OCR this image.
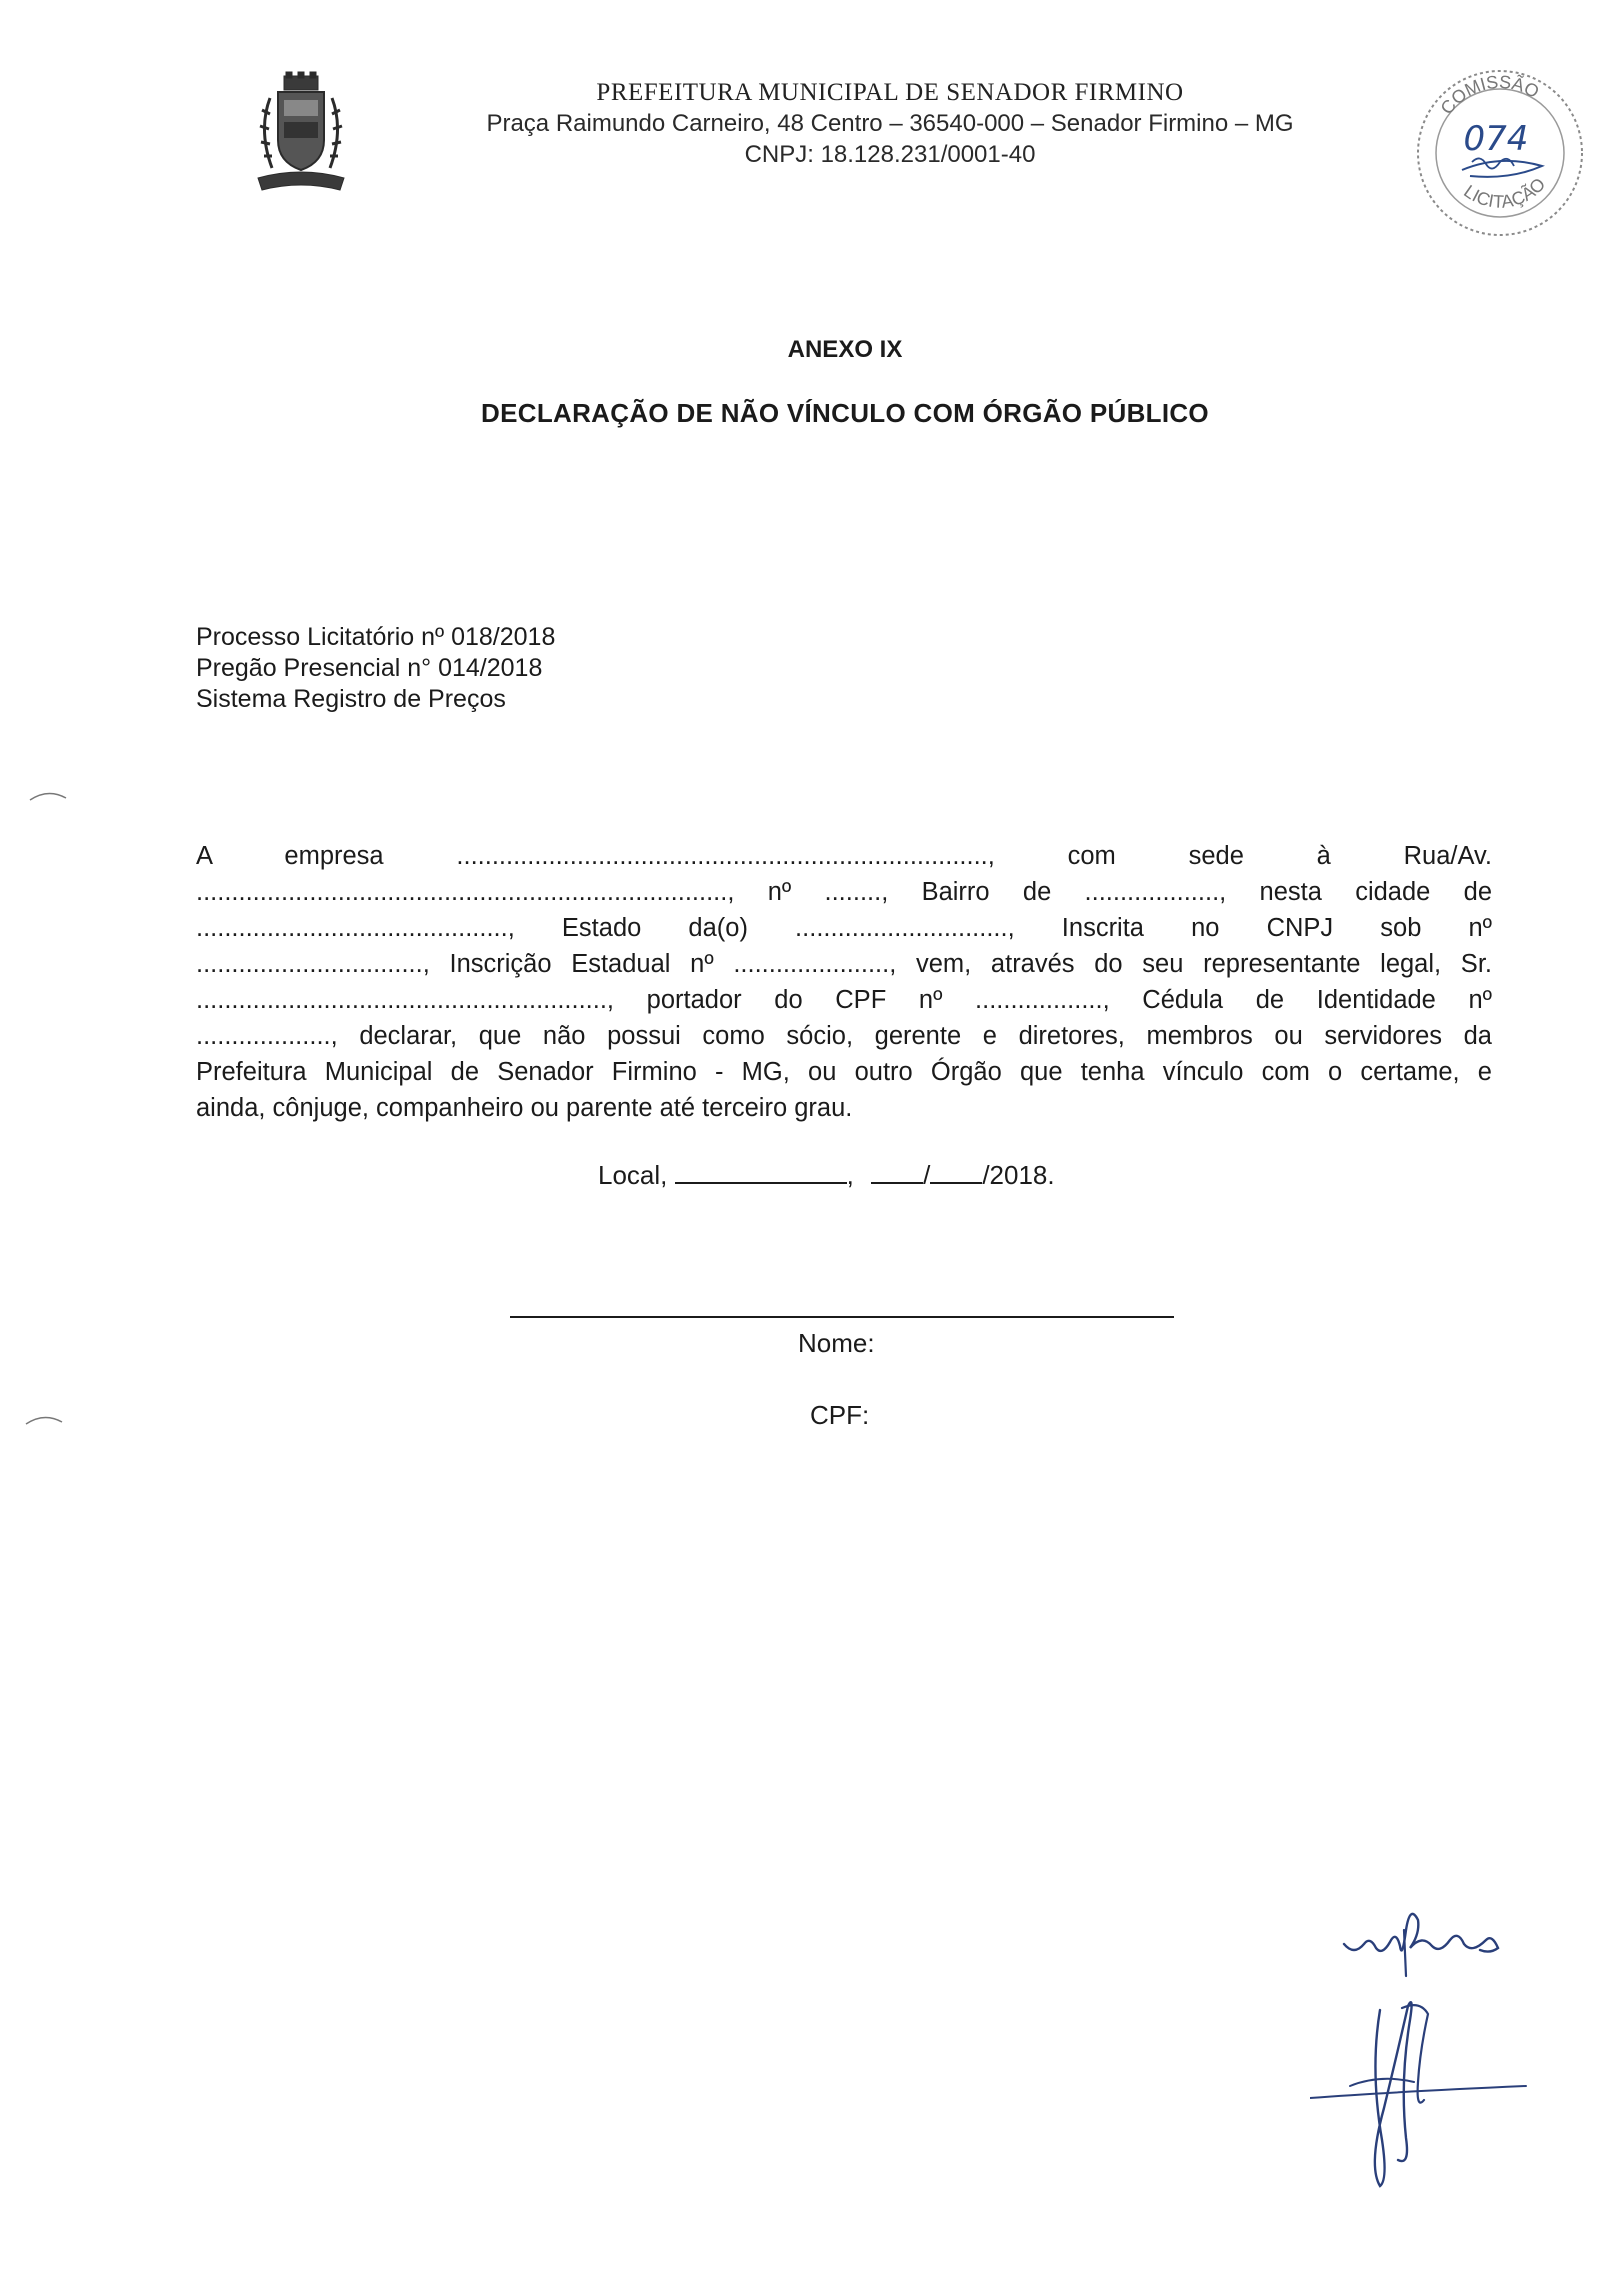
PREFEITURA MUNICIPAL DE SENADOR FIRMINO
Praça Raimundo Carneiro, 48 Centro – 36540-000 – Senador Firmino – MG
CNPJ: 18.128.231/0001-40
COMISSÃO
LICITAÇÃO
074
ANEXO IX
DECLARAÇÃO DE NÃO VÍNCULO COM ÓRGÃO PÚBLICO
Processo Licitatório nº 018/2018
Pregão Presencial n° 014/2018
Sistema Registro de Preços
A empresa ..........................................................................., com sede à Rua/Av.
..........................................................................., nº ........, Bairro de ..................., nesta cidade de
............................................, Estado da(o) .............................., Inscrita no CNPJ sob nº
................................, Inscrição Estadual nº ......................, vem, através do seu representante legal, Sr.
.........................................................., portador do CPF nº .................., Cédula de Identidade nº
..................., declarar, que não possui como sócio, gerente e diretores, membros ou servidores da
Prefeitura Municipal de Senador Firmino - MG, ou outro Órgão que tenha vínculo com o certame, e
ainda, cônjuge, companheiro ou parente até terceiro grau.
Local,	,	/ /2018.
Nome:
CPF:
